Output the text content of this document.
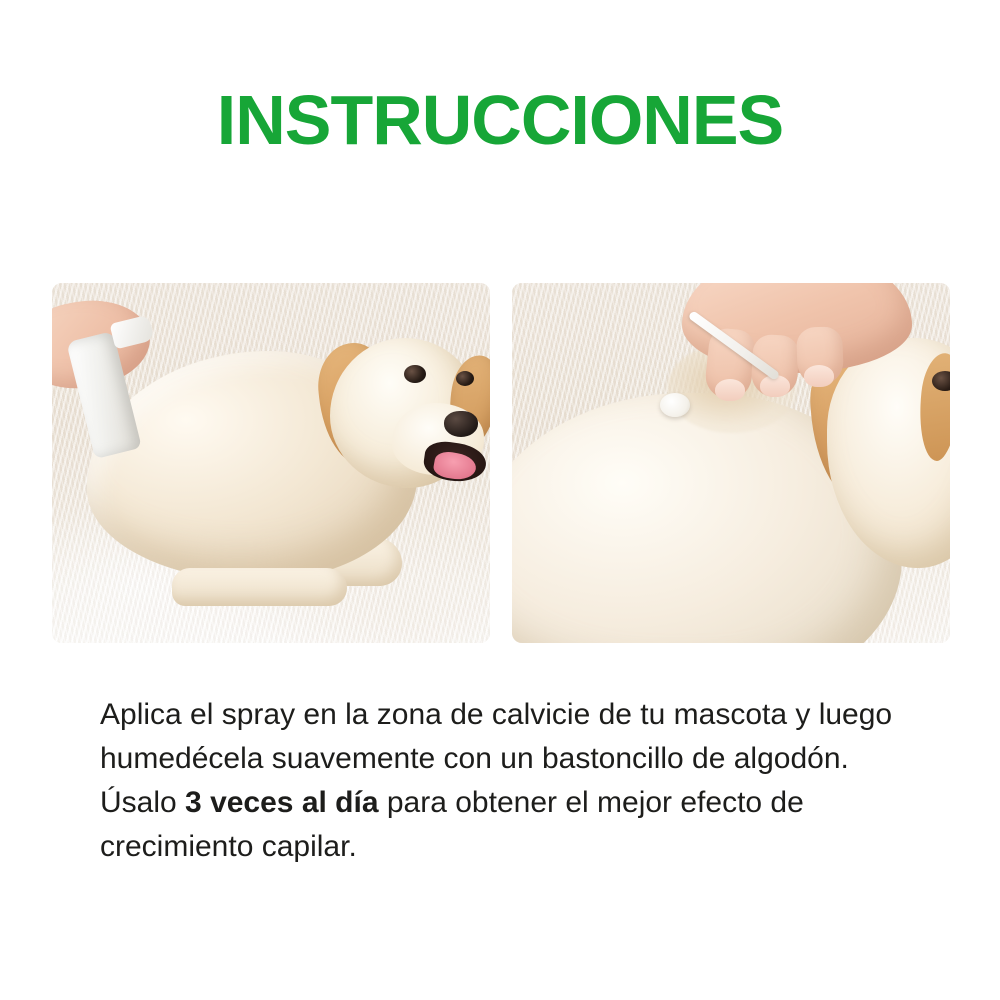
INSTRUCCIONES
Aplica el spray en la zona de calvicie de tu mascota y luego humedécela suavemente con un bastoncillo de algodón. Úsalo 3 veces al día para obtener el mejor efecto de crecimiento capilar.
